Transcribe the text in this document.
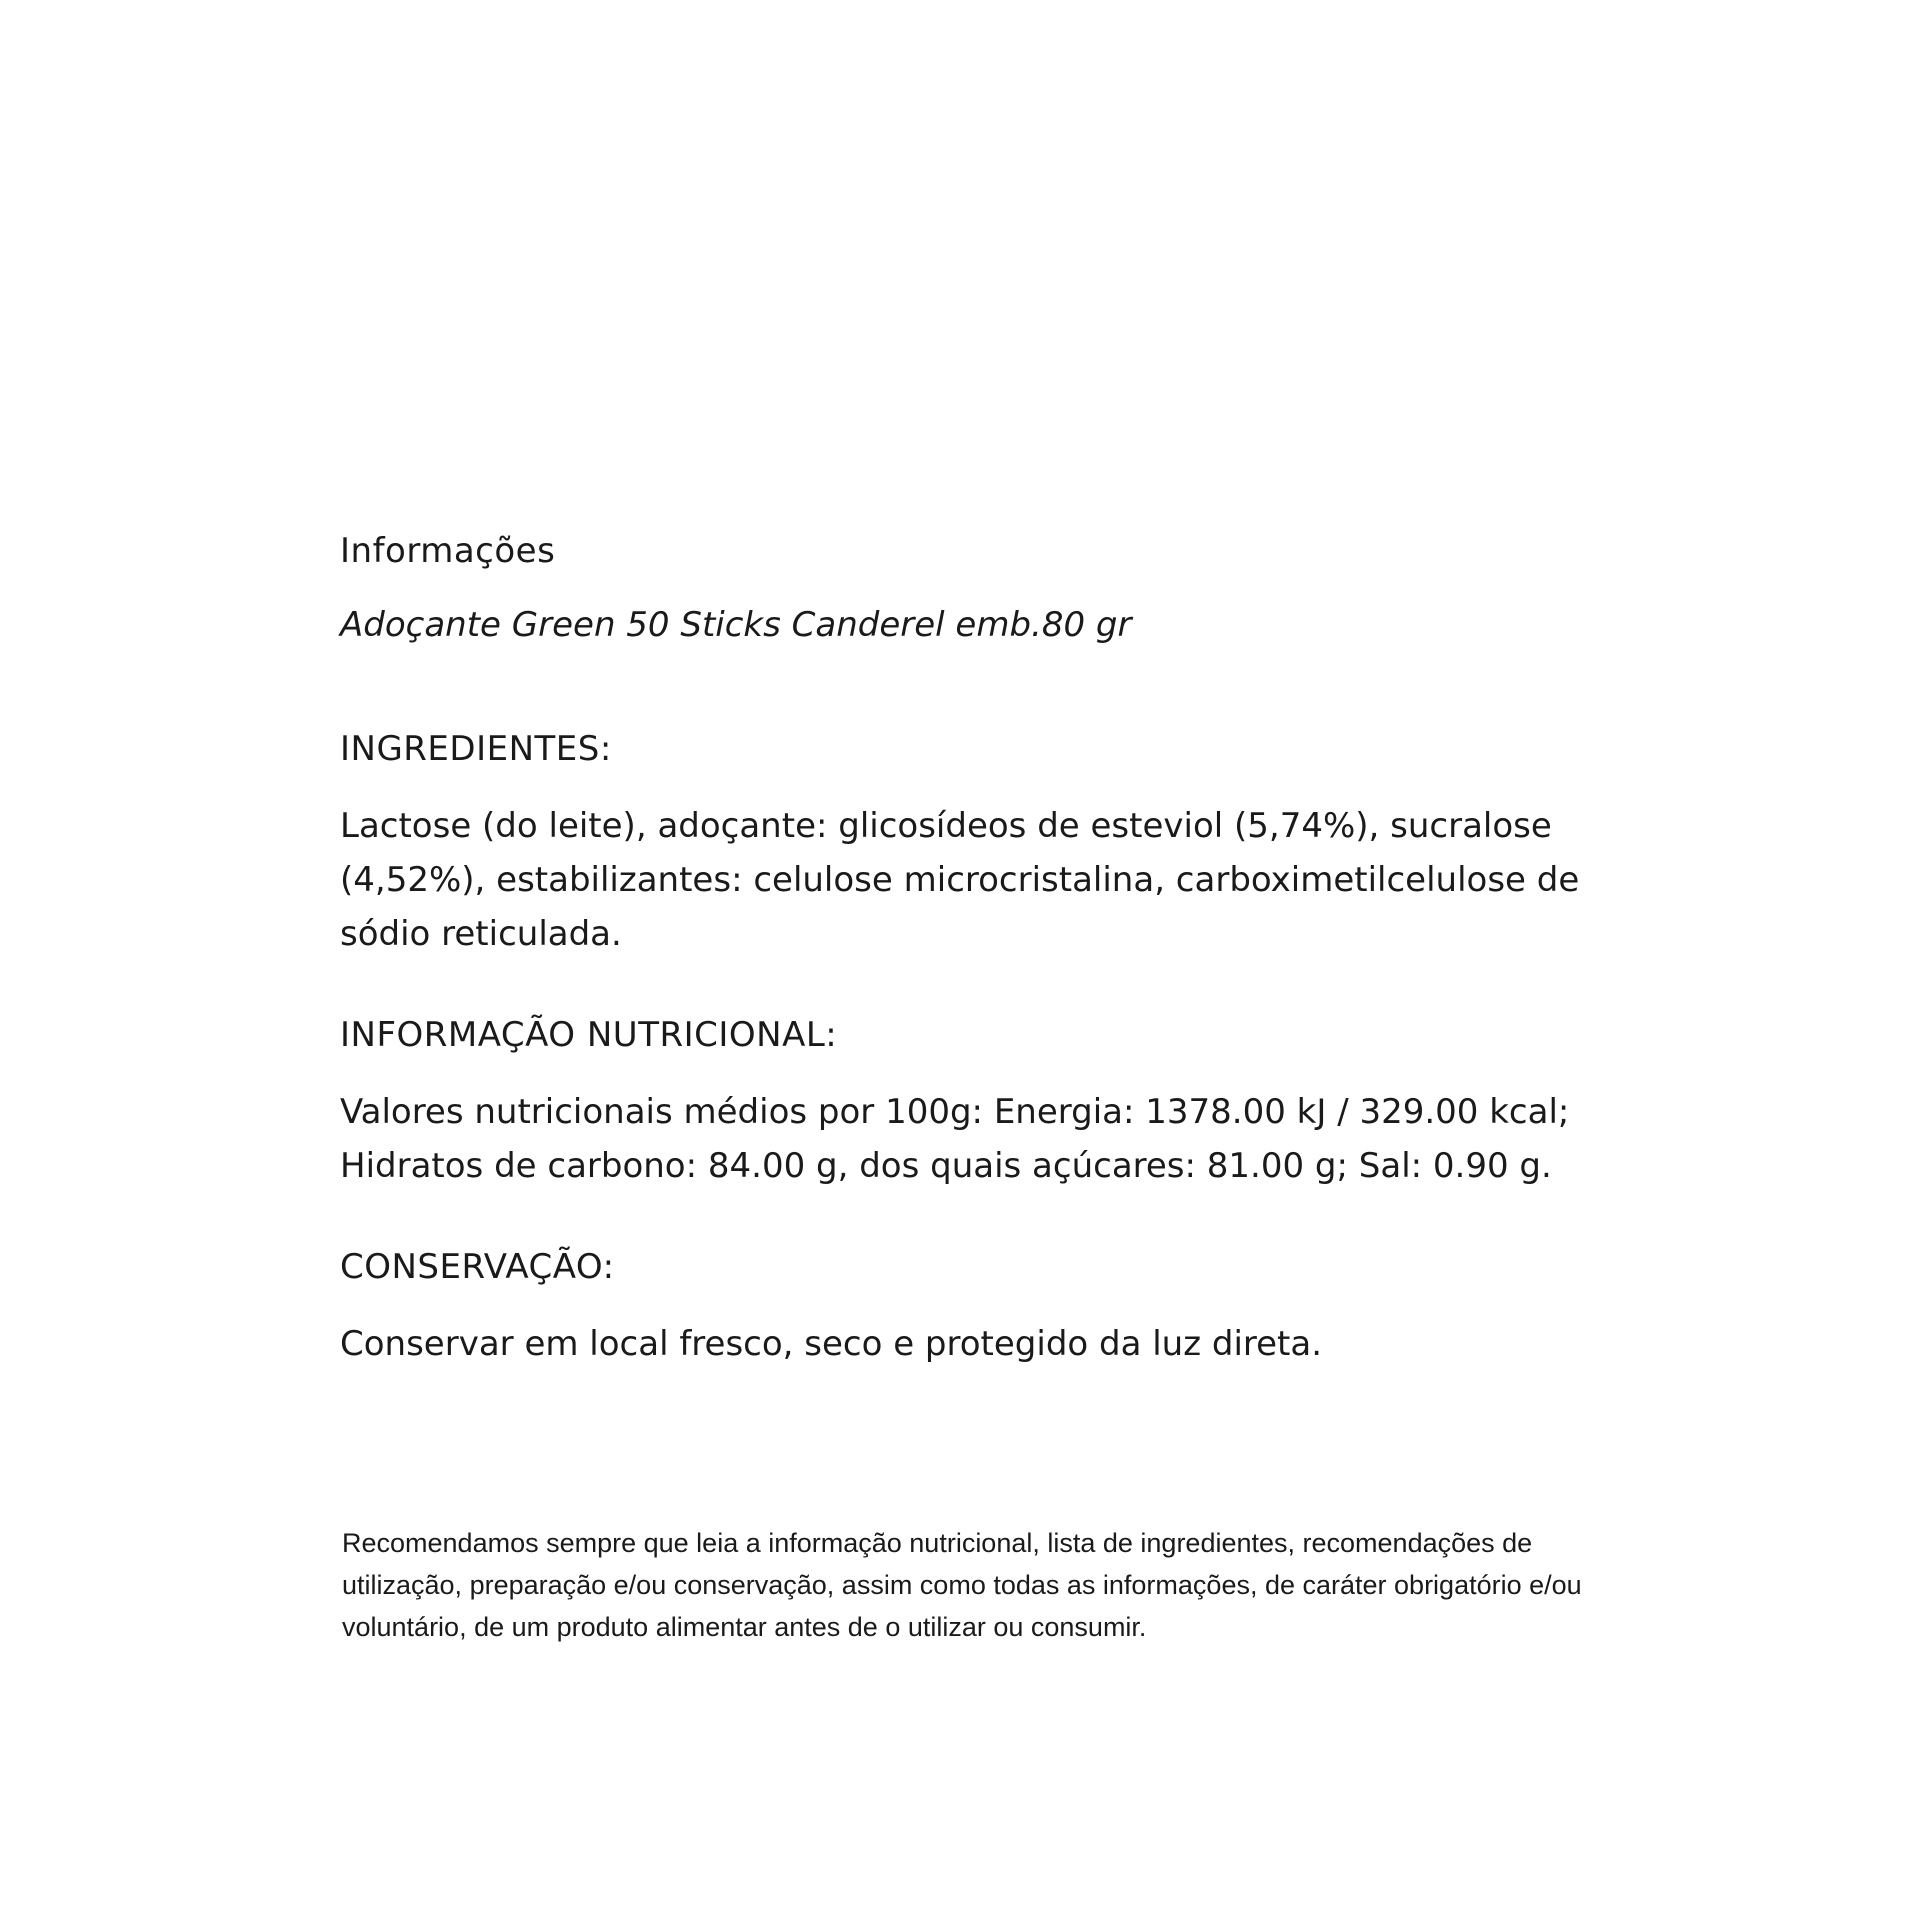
Informações

Adoçante Green 50 Sticks Canderel emb.80 gr

INGREDIENTES:

Lactose (do leite), adoçante: glicosídeos de esteviol (5,74%), sucralose (4,52%), estabilizantes: celulose microcristalina, carboximetilcelulose de sódio reticulada.

INFORMAÇÃO NUTRICIONAL:

Valores nutricionais médios por 100g: Energia: 1378.00 kJ / 329.00 kcal; Hidratos de carbono: 84.00 g, dos quais açúcares: 81.00 g; Sal: 0.90 g.

CONSERVAÇÃO:

Conservar em local fresco, seco e protegido da luz direta.

Recomendamos sempre que leia a informação nutricional, lista de ingredientes, recomendações de utilização, preparação e/ou conservação, assim como todas as informações, de caráter obrigatório e/ou voluntário, de um produto alimentar antes de o utilizar ou consumir.
